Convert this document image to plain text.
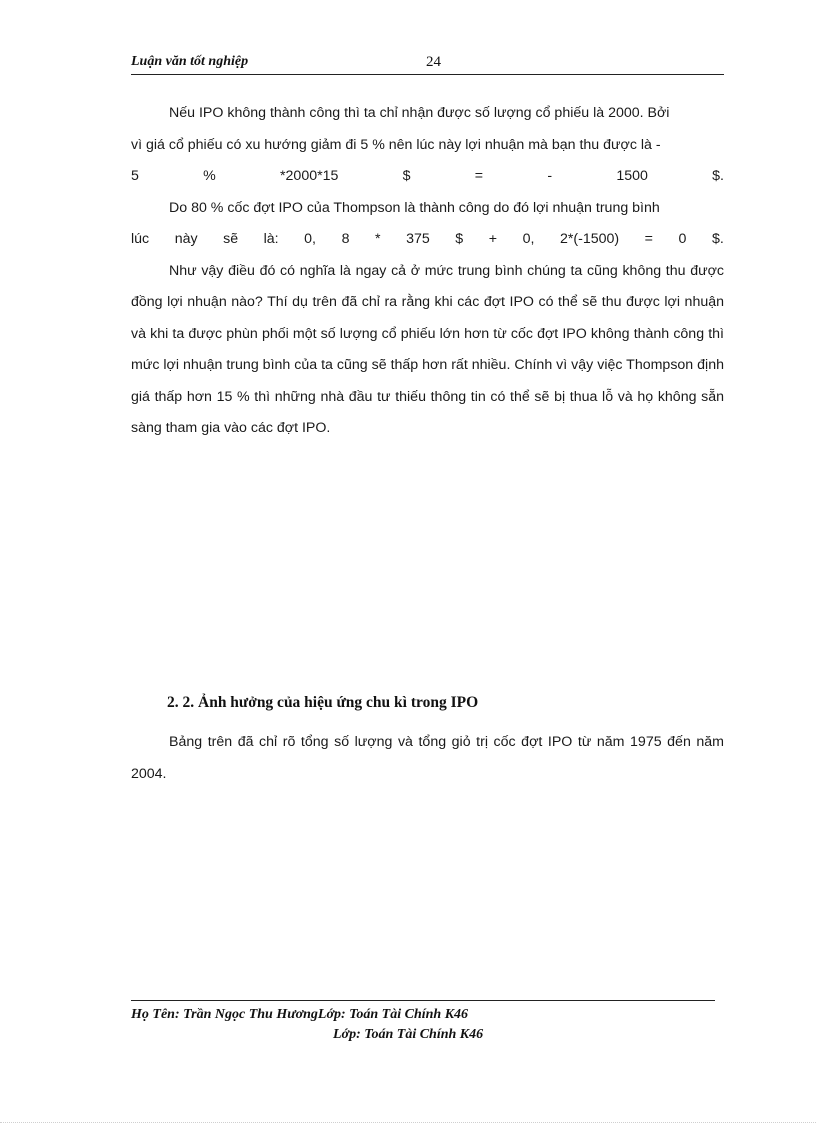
Luận văn tốt nghiệp	24

Nếu IPO không thành công thì ta chỉ nhận được số lượng cổ phiếu là 2000. Bởi

vì giá cổ phiếu có xu hướng giảm đi 5 % nên lúc này lợi nhuận mà bạn thu được là -

5	%	*2000*15	$	=	-	1500	$.

Do 80 % cốc đợt IPO của Thompson là thành công do đó lợi nhuận trung bình

lúc này sẽ là: 0, 8 * 375 $ + 0, 2*(-1500) = 0 $.

Như vậy điều đó có nghĩa là ngay cả ở mức trung bình chúng ta cũng không thu được đồng lợi nhuận nào? Thí dụ trên đã chỉ ra rằng khi các đợt IPO có thể sẽ thu được lợi nhuận và khi ta được phùn phối một số lượng cổ phiếu lớn hơn từ cốc đợt IPO không thành công thì mức lợi nhuận trung bình của ta cũng sẽ thấp hơn rất nhiều. Chính vì vậy việc Thompson định giá thấp hơn 15 % thì những nhà đầu tư thiếu thông tin có thể sẽ bị thua lỗ và họ không sẵn sàng tham gia vào các đợt IPO.

2. 2. Ảnh hưởng của hiệu ứng chu kì trong IPO

Bảng trên đã chỉ rõ tổng số lượng và tổng giỏ trị cốc đợt IPO từ năm 1975 đến năm 2004.

Họ Tên: Trần Ngọc Thu HươngLớp: Toán Tài Chính K46
Lớp: Toán Tài Chính K46
